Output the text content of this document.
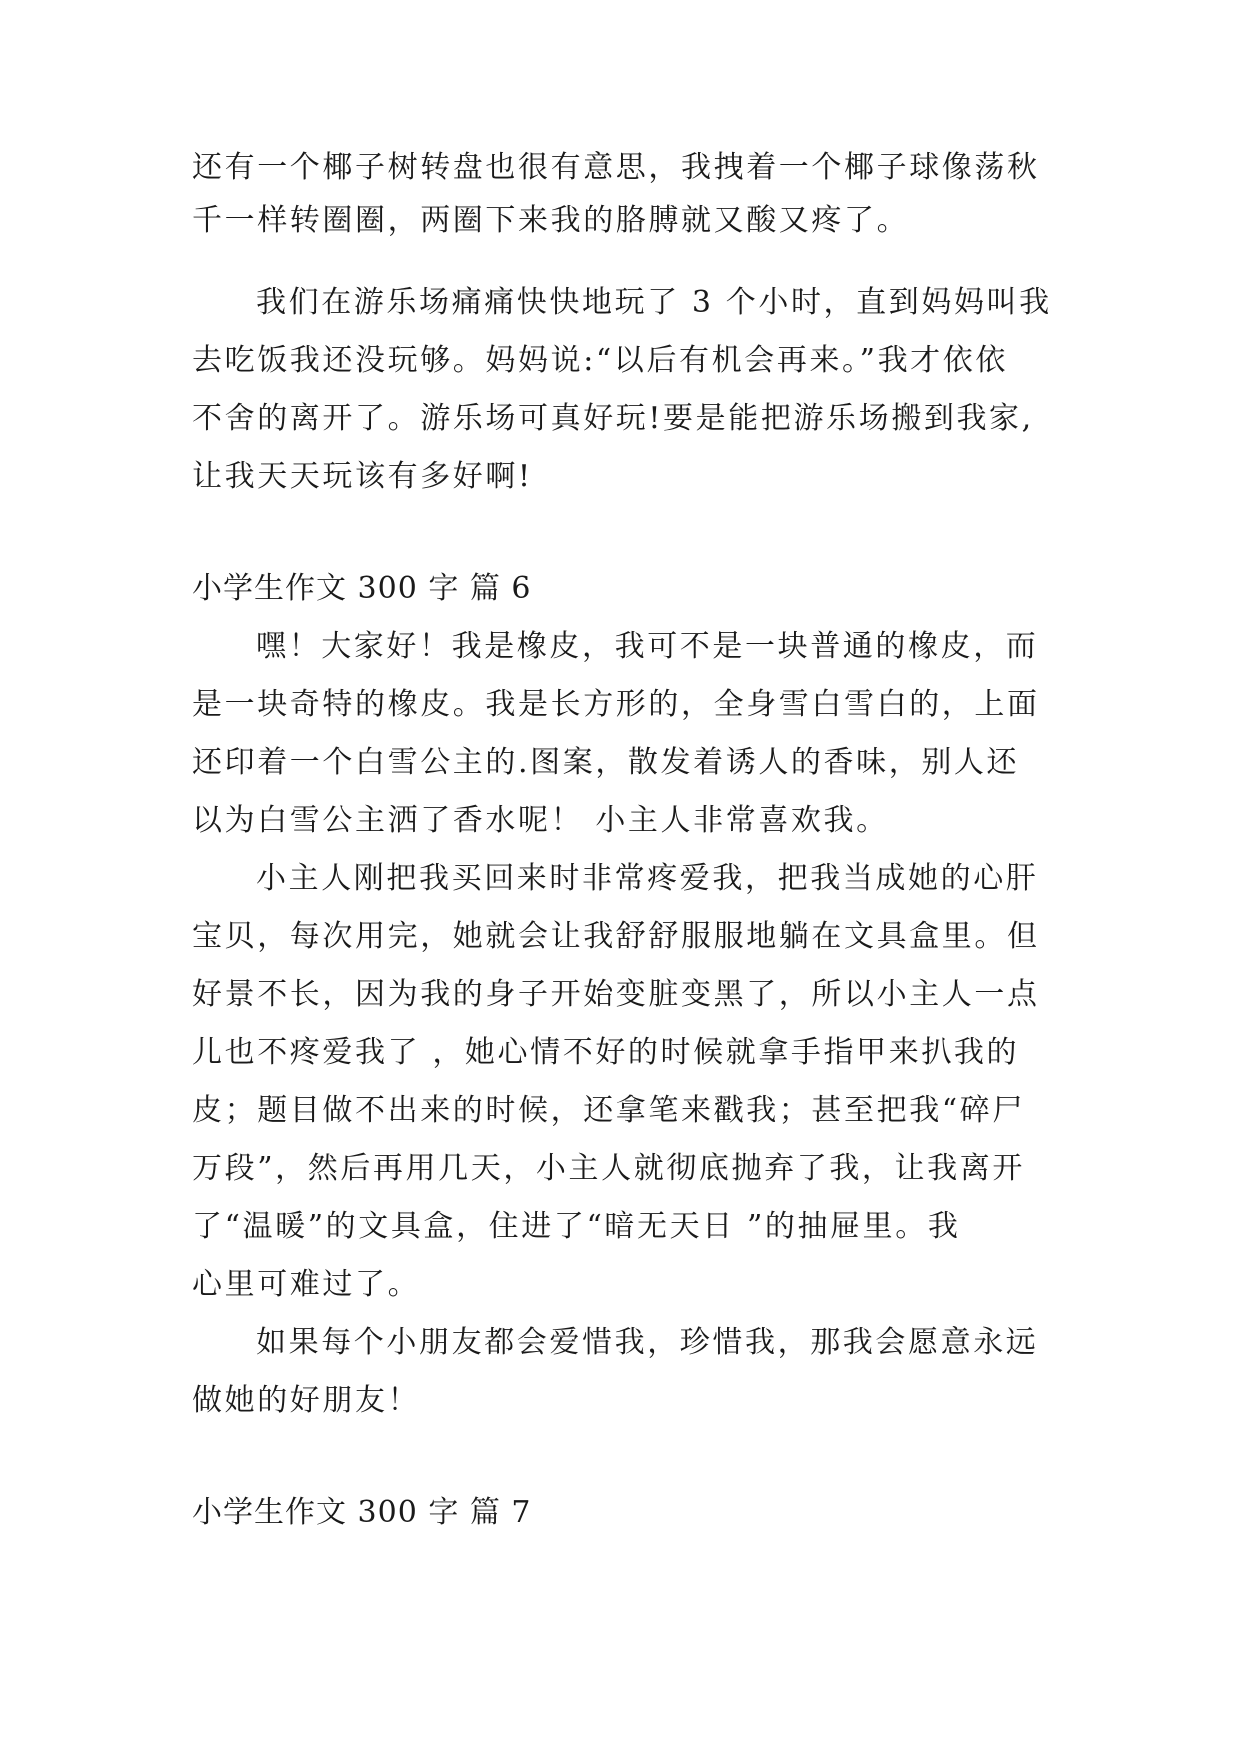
还有一个椰子树转盘也很有意思，我拽着一个椰子球像荡秋
千一样转圈圈，两圈下来我的胳膊就又酸又疼了。
我们在游乐场痛痛快快地玩了 3 个小时，直到妈妈叫我
去吃饭我还没玩够。妈妈说:“以后有机会再来。”我才依依
不舍的离开了。游乐场可真好玩!要是能把游乐场搬到我家,
让我天天玩该有多好啊!
小学生作文 300 字 篇 6
嘿！大家好！我是橡皮，我可不是一块普通的橡皮，而
是一块奇特的橡皮。我是长方形的，全身雪白雪白的，上面
还印着一个白雪公主的.图案，散发着诱人的香味，别人还
以为白雪公主洒了香水呢！ 小主人非常喜欢我。
小主人刚把我买回来时非常疼爱我，把我当成她的心肝
宝贝，每次用完，她就会让我舒舒服服地躺在文具盒里。但
好景不长，因为我的身子开始变脏变黑了，所以小主人一点
儿也不疼爱我了 ，她心情不好的时候就拿手指甲来扒我的
皮；题目做不出来的时候，还拿笔来戳我；甚至把我“碎尸
万段”，然后再用几天，小主人就彻底抛弃了我，让我离开
了“温暖”的文具盒，住进了“暗无天日 ”的抽屉里。我
心里可难过了。
如果每个小朋友都会爱惜我，珍惜我，那我会愿意永远
做她的好朋友！
小学生作文 300 字 篇 7
